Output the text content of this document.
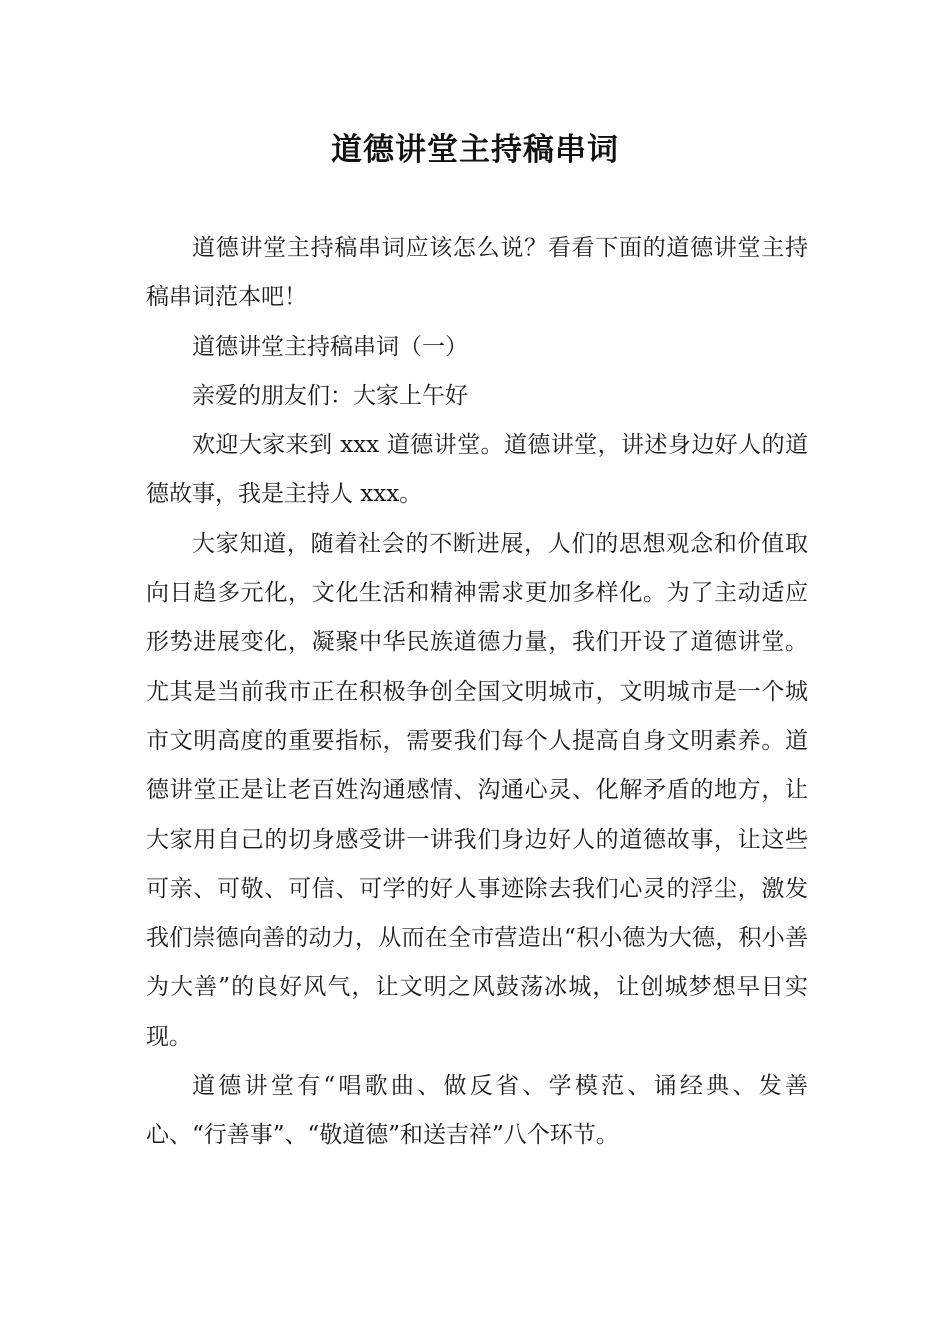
道德讲堂主持稿串词

道德讲堂主持稿串词应该怎么说？看看下面的道德讲堂主持稿串词范本吧！

道德讲堂主持稿串词（一）

亲爱的朋友们：大家上午好

欢迎大家来到 xxx 道德讲堂。道德讲堂，讲述身边好人的道德故事，我是主持人 xxx。

大家知道，随着社会的不断进展，人们的思想观念和价值取向日趋多元化，文化生活和精神需求更加多样化。为了主动适应形势进展变化，凝聚中华民族道德力量，我们开设了道德讲堂。尤其是当前我市正在积极争创全国文明城市，文明城市是一个城市文明高度的重要指标，需要我们每个人提高自身文明素养。道德讲堂正是让老百姓沟通感情、沟通心灵、化解矛盾的地方，让大家用自己的切身感受讲一讲我们身边好人的道德故事，让这些可亲、可敬、可信、可学的好人事迹除去我们心灵的浮尘，激发我们崇德向善的动力，从而在全市营造出“积小德为大德，积小善为大善”的良好风气，让文明之风鼓荡冰城，让创城梦想早日实现。

道德讲堂有“唱歌曲、做反省、学模范、诵经典、发善心、“行善事”、“敬道德”和送吉祥”八个环节。
